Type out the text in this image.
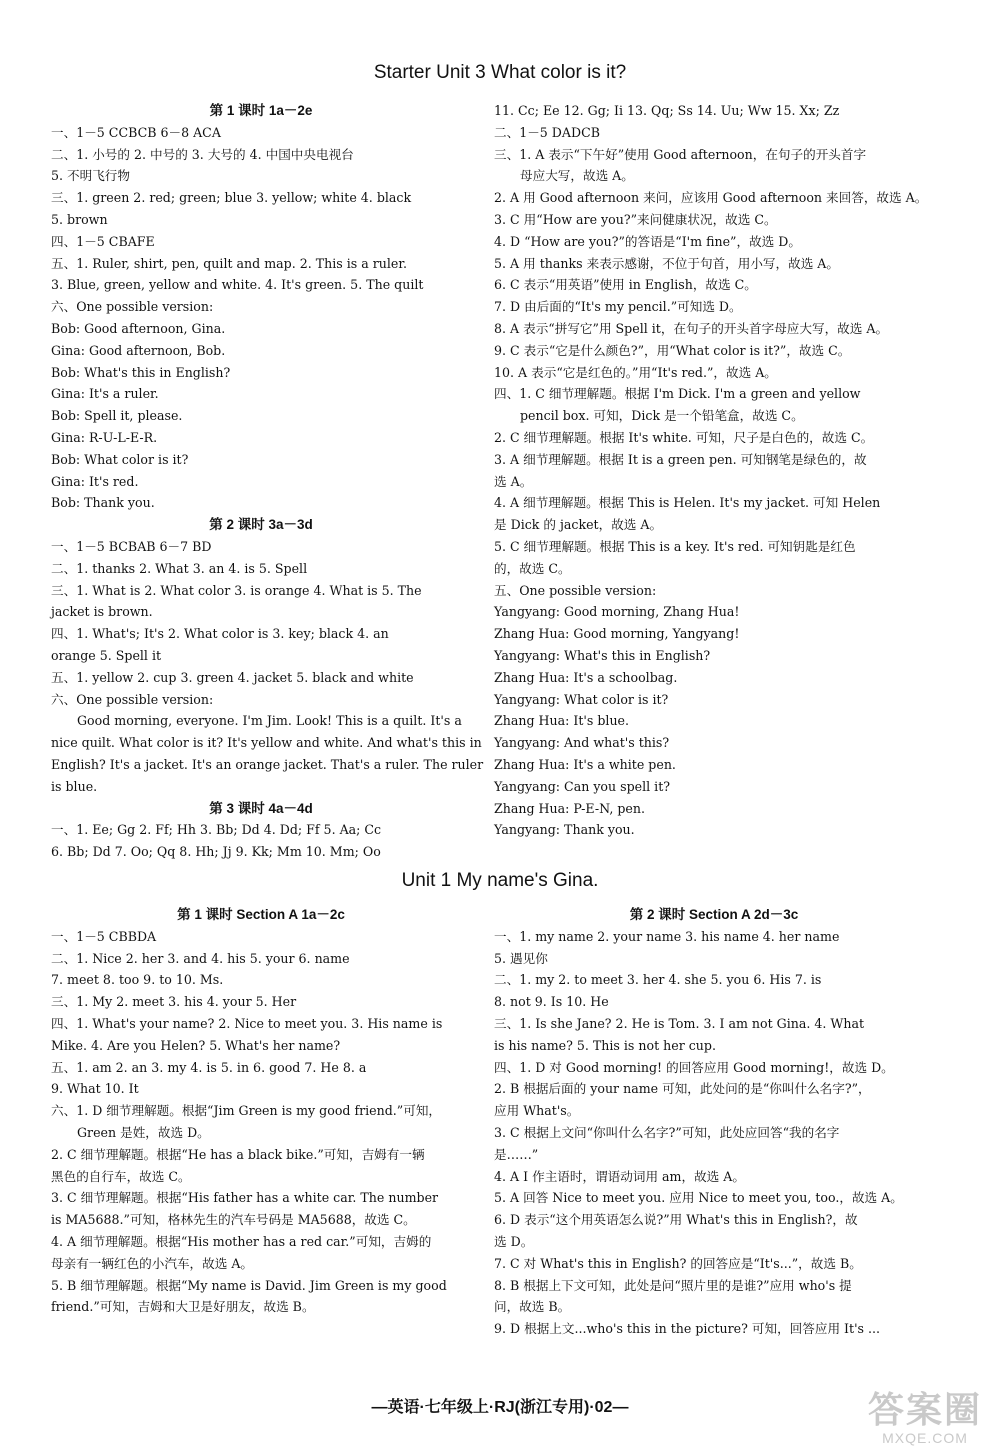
Starter Unit 3 What color is it?
第 1 课时 1a－2e
一、1－5 CCBCB 6－8 ACA
二、1. 小号的 2. 中号的 3. 大号的 4. 中国中央电视台
5. 不明飞行物
三、1. green 2. red; green; blue 3. yellow; white 4. black
5. brown
四、1－5 CBAFE
五、1. Ruler, shirt, pen, quilt and map. 2. This is a ruler.
3. Blue, green, yellow and white. 4. It's green. 5. The quilt
六、One possible version:
Bob: Good afternoon, Gina.
Gina: Good afternoon, Bob.
Bob: What's this in English?
Gina: It's a ruler.
Bob: Spell it, please.
Gina: R-U-L-E-R.
Bob: What color is it?
Gina: It's red.
Bob: Thank you.
第 2 课时 3a－3d
一、1－5 BCBAB 6－7 BD
二、1. thanks 2. What 3. an 4. is 5. Spell
三、1. What is 2. What color 3. is orange 4. What is 5. The
jacket is brown.
四、1. What's; It's 2. What color is 3. key; black 4. an
orange 5. Spell it
五、1. yellow 2. cup 3. green 4. jacket 5. black and white
六、One possible version:
Good morning, everyone. I'm Jim. Look! This is a quilt. It's a
nice quilt. What color is it? It's yellow and white. And what's this in
English? It's a jacket. It's an orange jacket. That's a ruler. The ruler
is blue.
第 3 课时 4a－4d
一、1. Ee; Gg 2. Ff; Hh 3. Bb; Dd 4. Dd; Ff 5. Aa; Cc
6. Bb; Dd 7. Oo; Qq 8. Hh; Jj 9. Kk; Mm 10. Mm; Oo
11. Cc; Ee 12. Gg; Ii 13. Qq; Ss 14. Uu; Ww 15. Xx; Zz
二、1－5 DADCB
三、1. A 表示“下午好”使用 Good afternoon，在句子的开头首字
母应大写，故选 A。
2. A 用 Good afternoon 来问，应该用 Good afternoon 来回答，故选 A。
3. C 用“How are you?”来问健康状况，故选 C。
4. D “How are you?”的答语是“I'm fine”，故选 D。
5. A 用 thanks 来表示感谢，不位于句首，用小写，故选 A。
6. C 表示“用英语”使用 in English，故选 C。
7. D 由后面的“It's my pencil.”可知选 D。
8. A 表示“拼写它”用 Spell it，在句子的开头首字母应大写，故选 A。
9. C 表示“它是什么颜色?”，用“What color is it?”，故选 C。
10. A 表示“它是红色的。”用“It's red.”，故选 A。
四、1. C 细节理解题。根据 I'm Dick. I'm a green and yellow
pencil box. 可知，Dick 是一个铅笔盒，故选 C。
2. C 细节理解题。根据 It's white. 可知，尺子是白色的，故选 C。
3. A 细节理解题。根据 It is a green pen. 可知钢笔是绿色的，故
选 A。
4. A 细节理解题。根据 This is Helen. It's my jacket. 可知 Helen
是 Dick 的 jacket，故选 A。
5. C 细节理解题。根据 This is a key. It's red. 可知钥匙是红色
的，故选 C。
五、One possible version:
Yangyang: Good morning, Zhang Hua!
Zhang Hua: Good morning, Yangyang!
Yangyang: What's this in English?
Zhang Hua: It's a schoolbag.
Yangyang: What color is it?
Zhang Hua: It's blue.
Yangyang: And what's this?
Zhang Hua: It's a white pen.
Yangyang: Can you spell it?
Zhang Hua: P-E-N, pen.
Yangyang: Thank you.
Unit 1 My name's Gina.
第 1 课时 Section A 1a－2c
一、1－5 CBBDA
二、1. Nice 2. her 3. and 4. his 5. your 6. name
7. meet 8. too 9. to 10. Ms.
三、1. My 2. meet 3. his 4. your 5. Her
四、1. What's your name? 2. Nice to meet you. 3. His name is
Mike. 4. Are you Helen? 5. What's her name?
五、1. am 2. an 3. my 4. is 5. in 6. good 7. He 8. a
9. What 10. It
六、1. D 细节理解题。根据“Jim Green is my good friend.”可知，
Green 是姓，故选 D。
2. C 细节理解题。根据“He has a black bike.”可知，吉姆有一辆
黑色的自行车，故选 C。
3. C 细节理解题。根据“His father has a white car. The number
is MA5688.”可知，格林先生的汽车号码是 MA5688，故选 C。
4. A 细节理解题。根据“His mother has a red car.”可知，吉姆的
母亲有一辆红色的小汽车，故选 A。
5. B 细节理解题。根据“My name is David. Jim Green is my good
friend.”可知，吉姆和大卫是好朋友，故选 B。
第 2 课时 Section A 2d－3c
一、1. my name 2. your name 3. his name 4. her name
5. 遇见你
二、1. my 2. to meet 3. her 4. she 5. you 6. His 7. is
8. not 9. Is 10. He
三、1. Is she Jane? 2. He is Tom. 3. I am not Gina. 4. What
is his name? 5. This is not her cup.
四、1. D 对 Good morning! 的回答应用 Good morning!，故选 D。
2. B 根据后面的 your name 可知，此处问的是“你叫什么名字?”，
应用 What's。
3. C 根据上文问“你叫什么名字?”可知，此处应回答“我的名字
是……”
4. A I 作主语时，谓语动词用 am，故选 A。
5. A 回答 Nice to meet you. 应用 Nice to meet you, too.，故选 A。
6. D 表示“这个用英语怎么说?”用 What's this in English?，故
选 D。
7. C 对 What's this in English? 的回答应是“It's...”，故选 B。
8. B 根据上下文可知，此处是问“照片里的是谁?”应用 who's 提
问，故选 B。
9. D 根据上文...who's this in the picture? 可知，回答应用 It's ...
—英语·七年级上·RJ(浙江专用)·02—	答案圈
MXQE.COM
